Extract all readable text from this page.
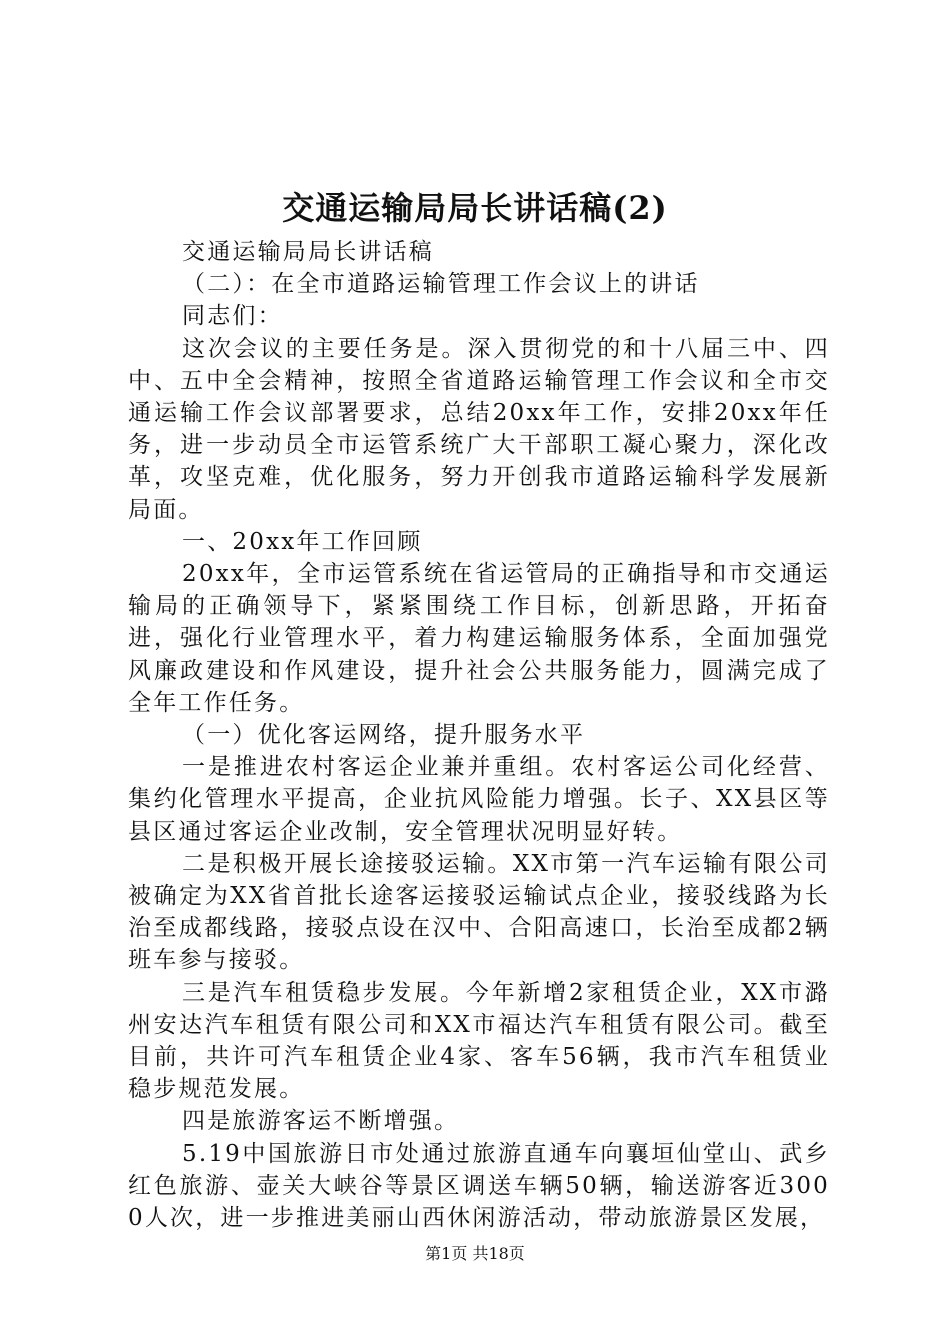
交通运输局局长讲话稿(2)

交通运输局局长讲话稿

（二）：在全市道路运输管理工作会议上的讲话

同志们：

这次会议的主要任务是。深入贯彻党的和十八届三中、四中、五中全会精神，按照全省道路运输管理工作会议和全市交通运输工作会议部署要求，总结20xx年工作，安排20xx年任务，进一步动员全市运管系统广大干部职工凝心聚力，深化改革，攻坚克难，优化服务，努力开创我市道路运输科学发展新局面。

一、20xx年工作回顾

20xx年，全市运管系统在省运管局的正确指导和市交通运输局的正确领导下，紧紧围绕工作目标，创新思路，开拓奋进，强化行业管理水平，着力构建运输服务体系，全面加强党风廉政建设和作风建设，提升社会公共服务能力，圆满完成了全年工作任务。

（一）优化客运网络，提升服务水平

一是推进农村客运企业兼并重组。农村客运公司化经营、集约化管理水平提高，企业抗风险能力增强。长子、XX县区等县区通过客运企业改制，安全管理状况明显好转。

二是积极开展长途接驳运输。XX市第一汽车运输有限公司被确定为XX省首批长途客运接驳运输试点企业，接驳线路为长治至成都线路，接驳点设在汉中、合阳高速口，长治至成都2辆班车参与接驳。

三是汽车租赁稳步发展。今年新增2家租赁企业，XX市潞州安达汽车租赁有限公司和XX市福达汽车租赁有限公司。截至目前，共许可汽车租赁企业4家、客车56辆，我市汽车租赁业稳步规范发展。

四是旅游客运不断增强。

5.19中国旅游日市处通过旅游直通车向襄垣仙堂山、武乡红色旅游、壶关大峡谷等景区调送车辆50辆，输送游客近3000人次，进一步推进美丽山西休闲游活动，带动旅游景区发展，

第1页 共18页
